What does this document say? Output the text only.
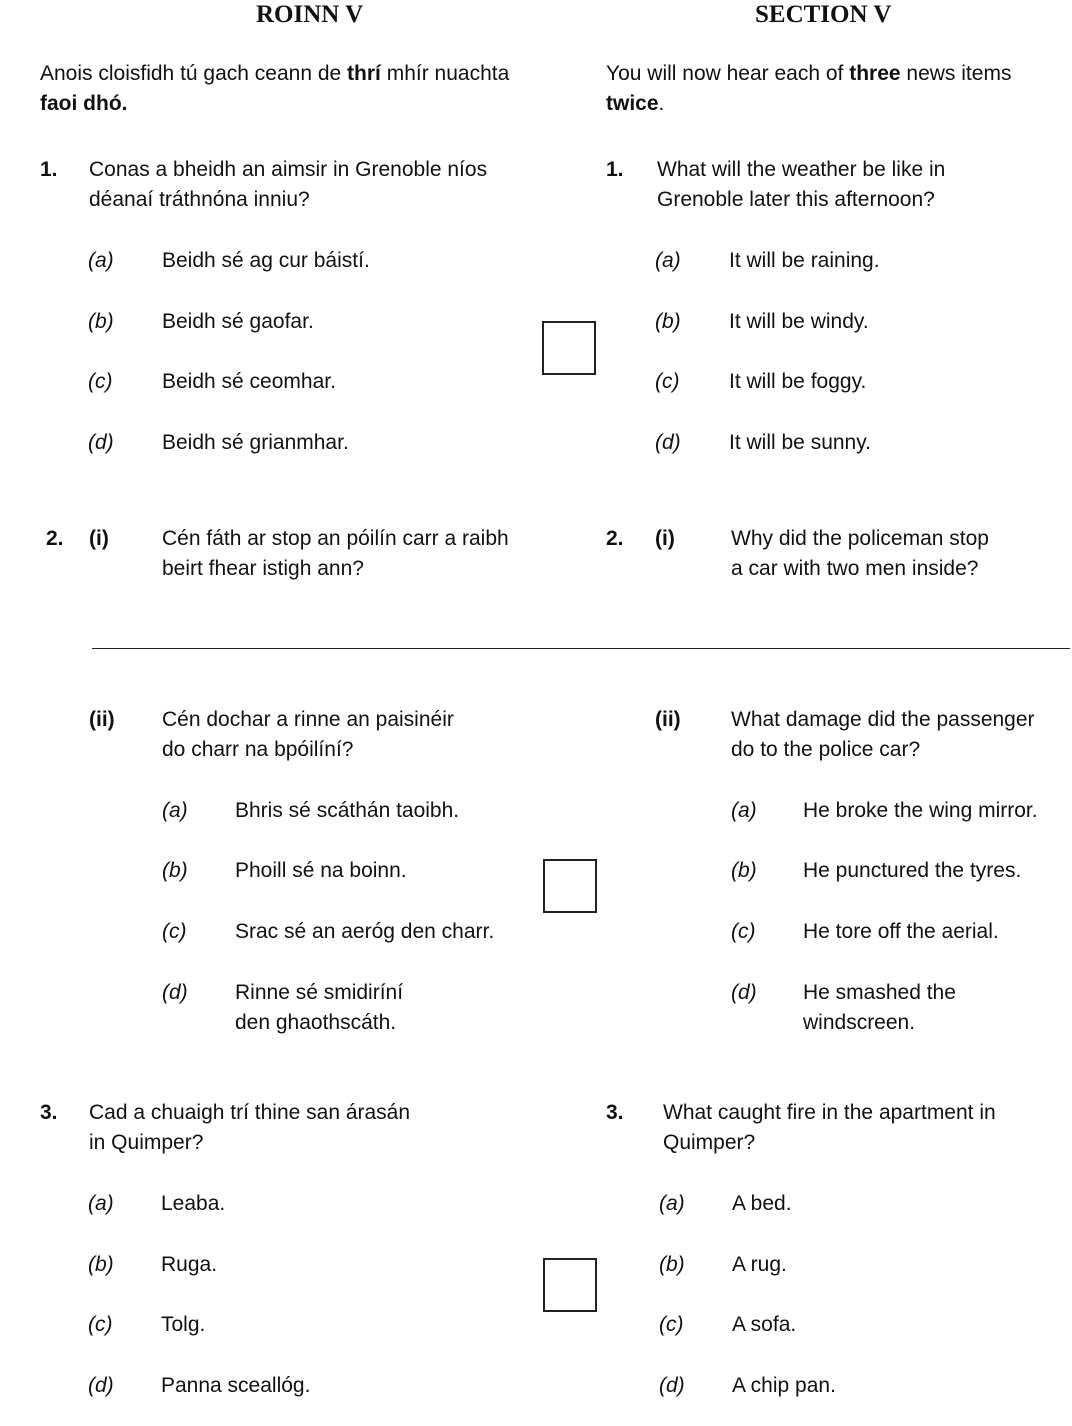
ROINN V	SECTION V
Anois cloisfidh tú gach ceann de thrí mhír nuachta
faoi dhó.
You will now hear each of three news items
twice.
1. Conas a bheidh an aimsir in Grenoble níos
déanaí tráthnóna inniu?
1. What will the weather be like in
Grenoble later this afternoon?
(a) Beidh sé ag cur báistí.	(a) It will be raining.
(b) Beidh sé gaofar.	(b) It will be windy.
(c) Beidh sé ceomhar.	(c) It will be foggy.
(d) Beidh sé grianmhar.	(d) It will be sunny.
2. (i)	Cén fáth ar stop an póilín carr a raibh
beirt fhear istigh ann?
2. (i)	Why did the policeman stop
a car with two men inside?
(ii) Cén dochar a rinne an paisinéir
do charr na bpóilíní?
(ii) What damage did the passenger
do to the police car?
(a) Bhris sé scáthán taoibh.	(a) He broke the wing mirror.
(b) Phoill sé na boinn.	(b) He punctured the tyres.
(c) Srac sé an aeróg den charr.	(c) He tore off the aerial.
(d) Rinne sé smidiríní
den ghaothscáth.
(d) He smashed the
windscreen.
3. Cad a chuaigh trí thine san árasán
in Quimper?
3. What caught fire in the apartment in
Quimper?
(a) Leaba.	(a) A bed.
(b) Ruga.	(b) A rug.
(c) Tolg.	(c) A sofa.
(d) Panna sceallóg.	(d) A chip pan.
